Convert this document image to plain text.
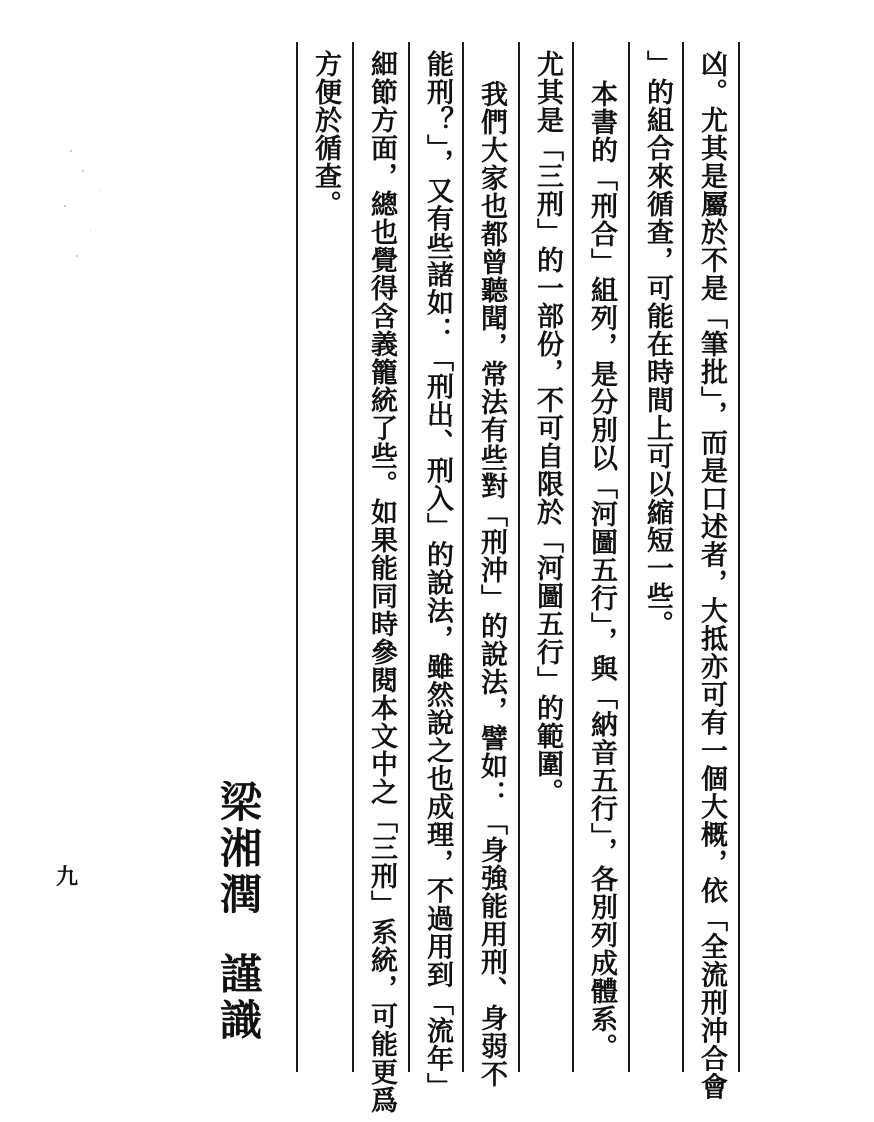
凶。尤其是屬於不是「筆批」，而是口述者，大抵亦可有一個大概，依「全流刑沖合會
」的組合來循查，可能在時間上可以縮短一些。
本書的「刑合」組列，是分別以「河圖五行」，與「納音五行」，各別列成體系。
尤其是「三刑」的一部份，不可自限於「河圖五行」的範圍。
我們大家也都曾聽聞，常法有些對「刑沖」的說法，譬如：「身強能用刑、身弱不
能刑？」，又有些諸如：「刑出、刑入」的說法，雖然說之也成理，不過用到「流年」
細節方面，總也覺得含義籠統了些。如果能同時參閱本文中之「三刑」系統，可能更爲
方便於循查。
梁湘潤謹識
九
